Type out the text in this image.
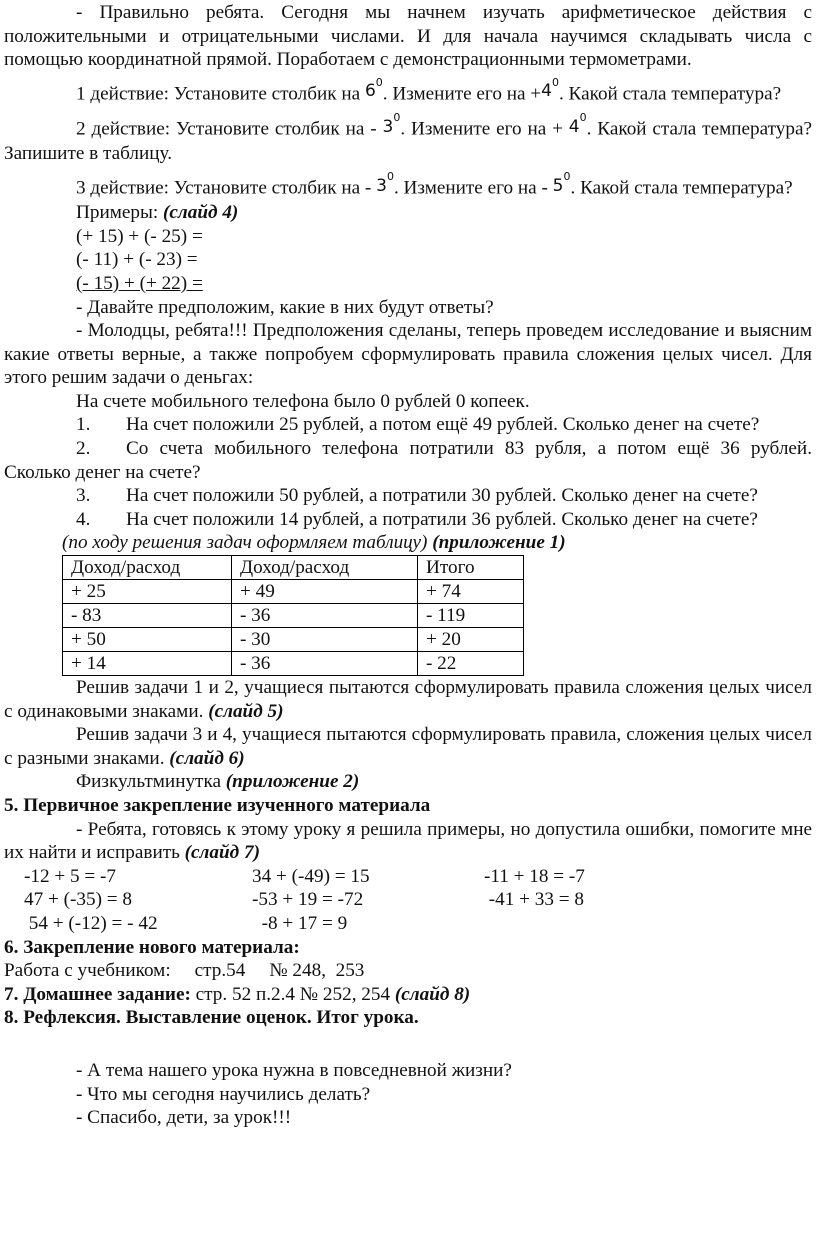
- Правильно ребята. Сегодня мы начнем изучать арифметическое действия с положительными и отрицательными числами. И для начала научимся складывать числа с помощью координатной прямой. Поработаем с демонстрационными термометрами.

1 действие: Установите столбик на $6^0$. Измените его на $+4^0$. Какой стала температура?

2 действие: Установите столбик на - $3^0$. Измените его на + $4^0$. Какой стала температура? Запишите в таблицу.

3 действие: Установите столбик на - $3^0$. Измените его на - $5^0$. Какой стала температура?

Примеры: (слайд 4)

(+ 15) + (- 25) =

(- 11) + (- 23) =

(- 15) + (+ 22) =

- Давайте предположим, какие в них будут ответы?

- Молодцы, ребята!!! Предположения сделаны, теперь проведем исследование и выясним какие ответы верные, а также попробуем сформулировать правила сложения целых чисел. Для этого решим задачи о деньгах:

На счете мобильного телефона было 0 рублей 0 копеек.

1.	На счет положили 25 рублей, а потом ещё 49 рублей. Сколько денег на счете?

2. Со счета мобильного телефона потратили 83 рубля, а потом ещё 36 рублей. Сколько денег на счете?

3.	На счет положили 50 рублей, а потратили 30 рублей. Сколько денег на счете?
4.	На счет положили 14 рублей, а потратили 36 рублей. Сколько денег на счете?

(по ходу решения задач оформляем таблицу) (приложение 1)

Доход/расход	Доход/расход	Итого
+ 25	+ 49	+ 74
- 83	- 36	- 119
+ 50	- 30	+ 20
+ 14	- 36	- 22

Решив задачи 1 и 2, учащиеся пытаются сформулировать правила сложения целых чисел с одинаковыми знаками. (слайд 5)

Решив задачи 3 и 4, учащиеся пытаются сформулировать правила, сложения целых чисел с разными знаками. (слайд 6)

Физкультминутка (приложение 2)

5. Первичное закрепление изученного материала

- Ребята, готовясь к этому уроку я решила примеры, но допустила ошибки, помогите мне их найти и исправить (слайд 7)

-12 + 5 = -7	34 + (-49) = 15	-11 + 18 = -7
47 + (-35) = 8	-53 + 19 = -72	-41 + 33 = 8
54 + (-12) = - 42	-8 + 17 = 9

6. Закрепление нового материала:

Работа с учебником:     стр.54     № 248,  253

7. Домашнее задание: стр. 52 п.2.4 № 252, 254 (слайд 8)

8. Рефлексия. Выставление оценок. Итог урока.

- А тема нашего урока нужна в повседневной жизни?

- Что мы сегодня научились делать?

- Спасибо, дети, за урок!!!
